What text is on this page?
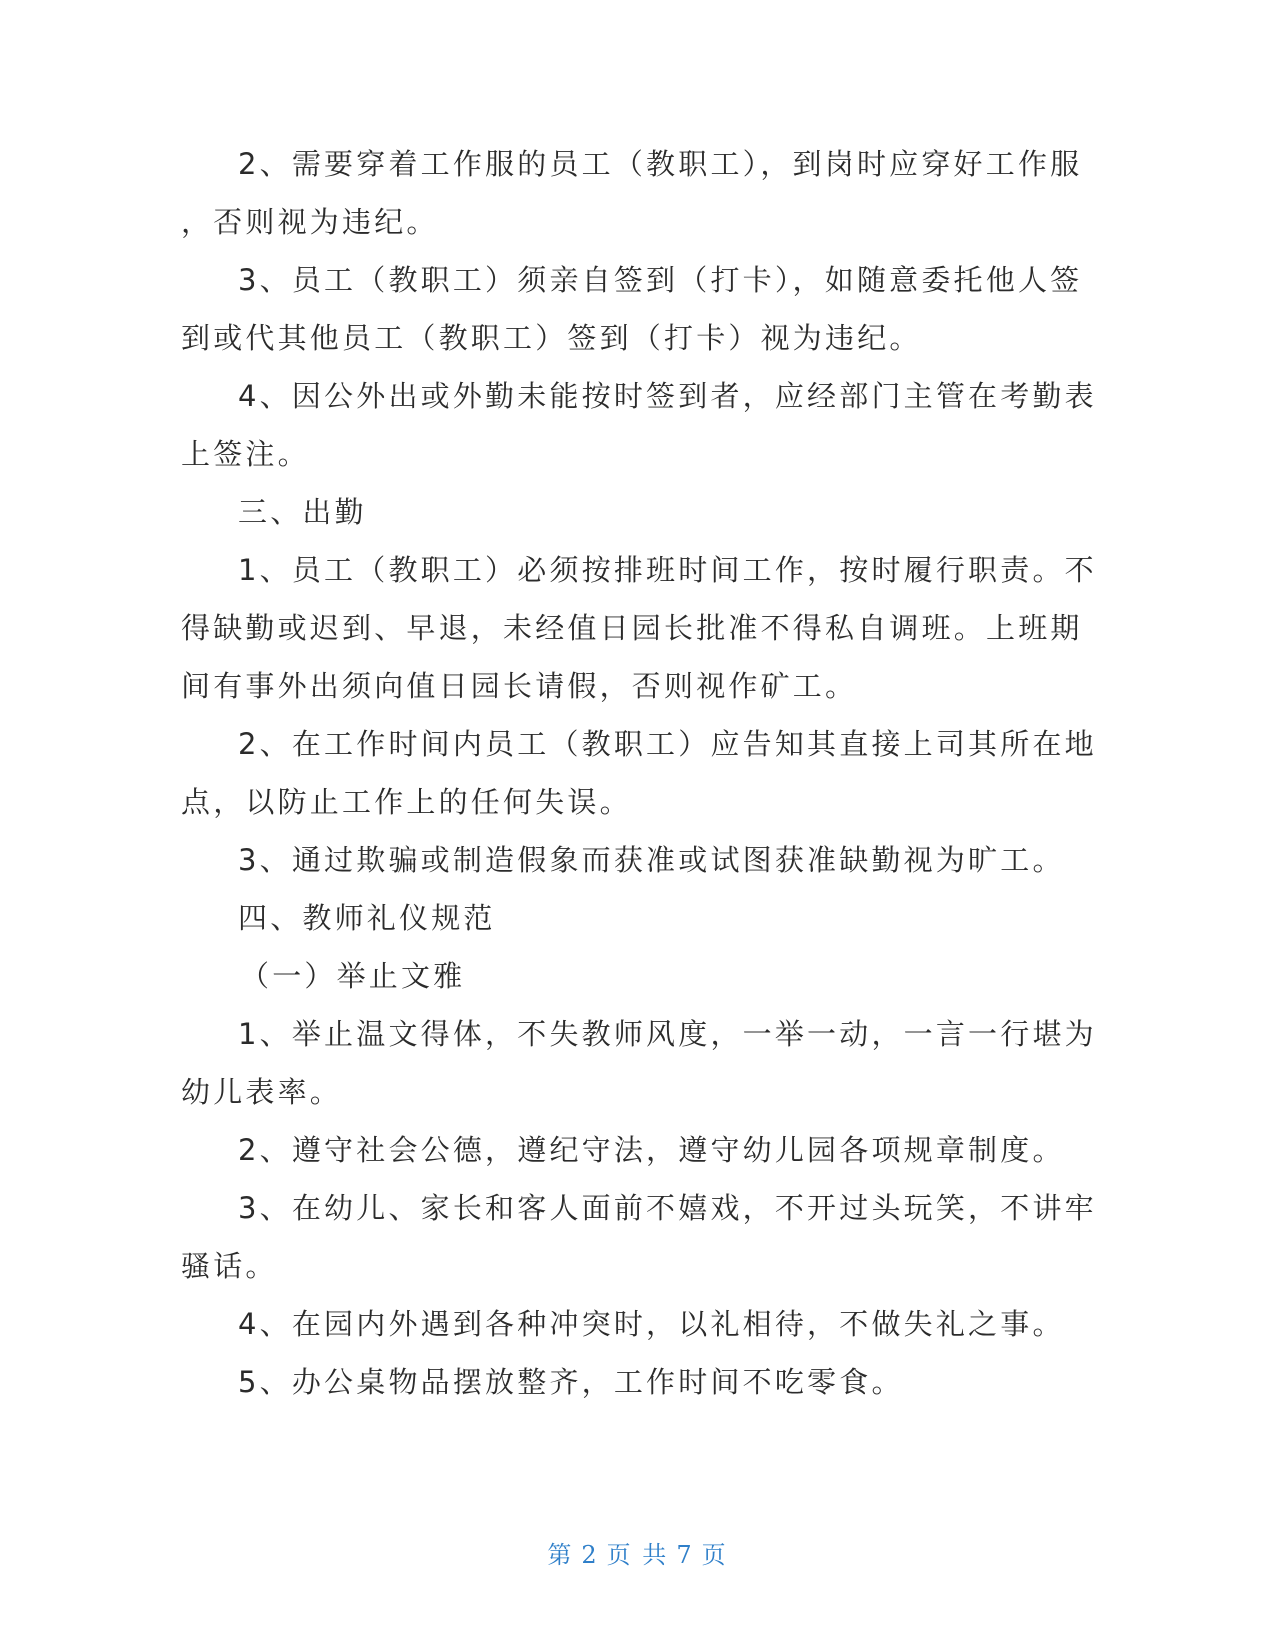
2、需要穿着工作服的员工（教职工），到岗时应穿好工作服
，否则视为违纪。
3、员工（教职工）须亲自签到（打卡），如随意委托他人签
到或代其他员工（教职工）签到（打卡）视为违纪。
4、因公外出或外勤未能按时签到者，应经部门主管在考勤表
上签注。
三、出勤
1、员工（教职工）必须按排班时间工作，按时履行职责。不
得缺勤或迟到、早退，未经值日园长批准不得私自调班。上班期
间有事外出须向值日园长请假，否则视作矿工。
2、在工作时间内员工（教职工）应告知其直接上司其所在地
点，以防止工作上的任何失误。
3、通过欺骗或制造假象而获准或试图获准缺勤视为旷工。
四、教师礼仪规范
（一）举止文雅
1、举止温文得体，不失教师风度，一举一动，一言一行堪为
幼儿表率。
2、遵守社会公德，遵纪守法，遵守幼儿园各项规章制度。
3、在幼儿、家长和客人面前不嬉戏，不开过头玩笑，不讲牢
骚话。
4、在园内外遇到各种冲突时，以礼相待，不做失礼之事。
5、办公桌物品摆放整齐，工作时间不吃零食。
第 2 页 共 7 页
